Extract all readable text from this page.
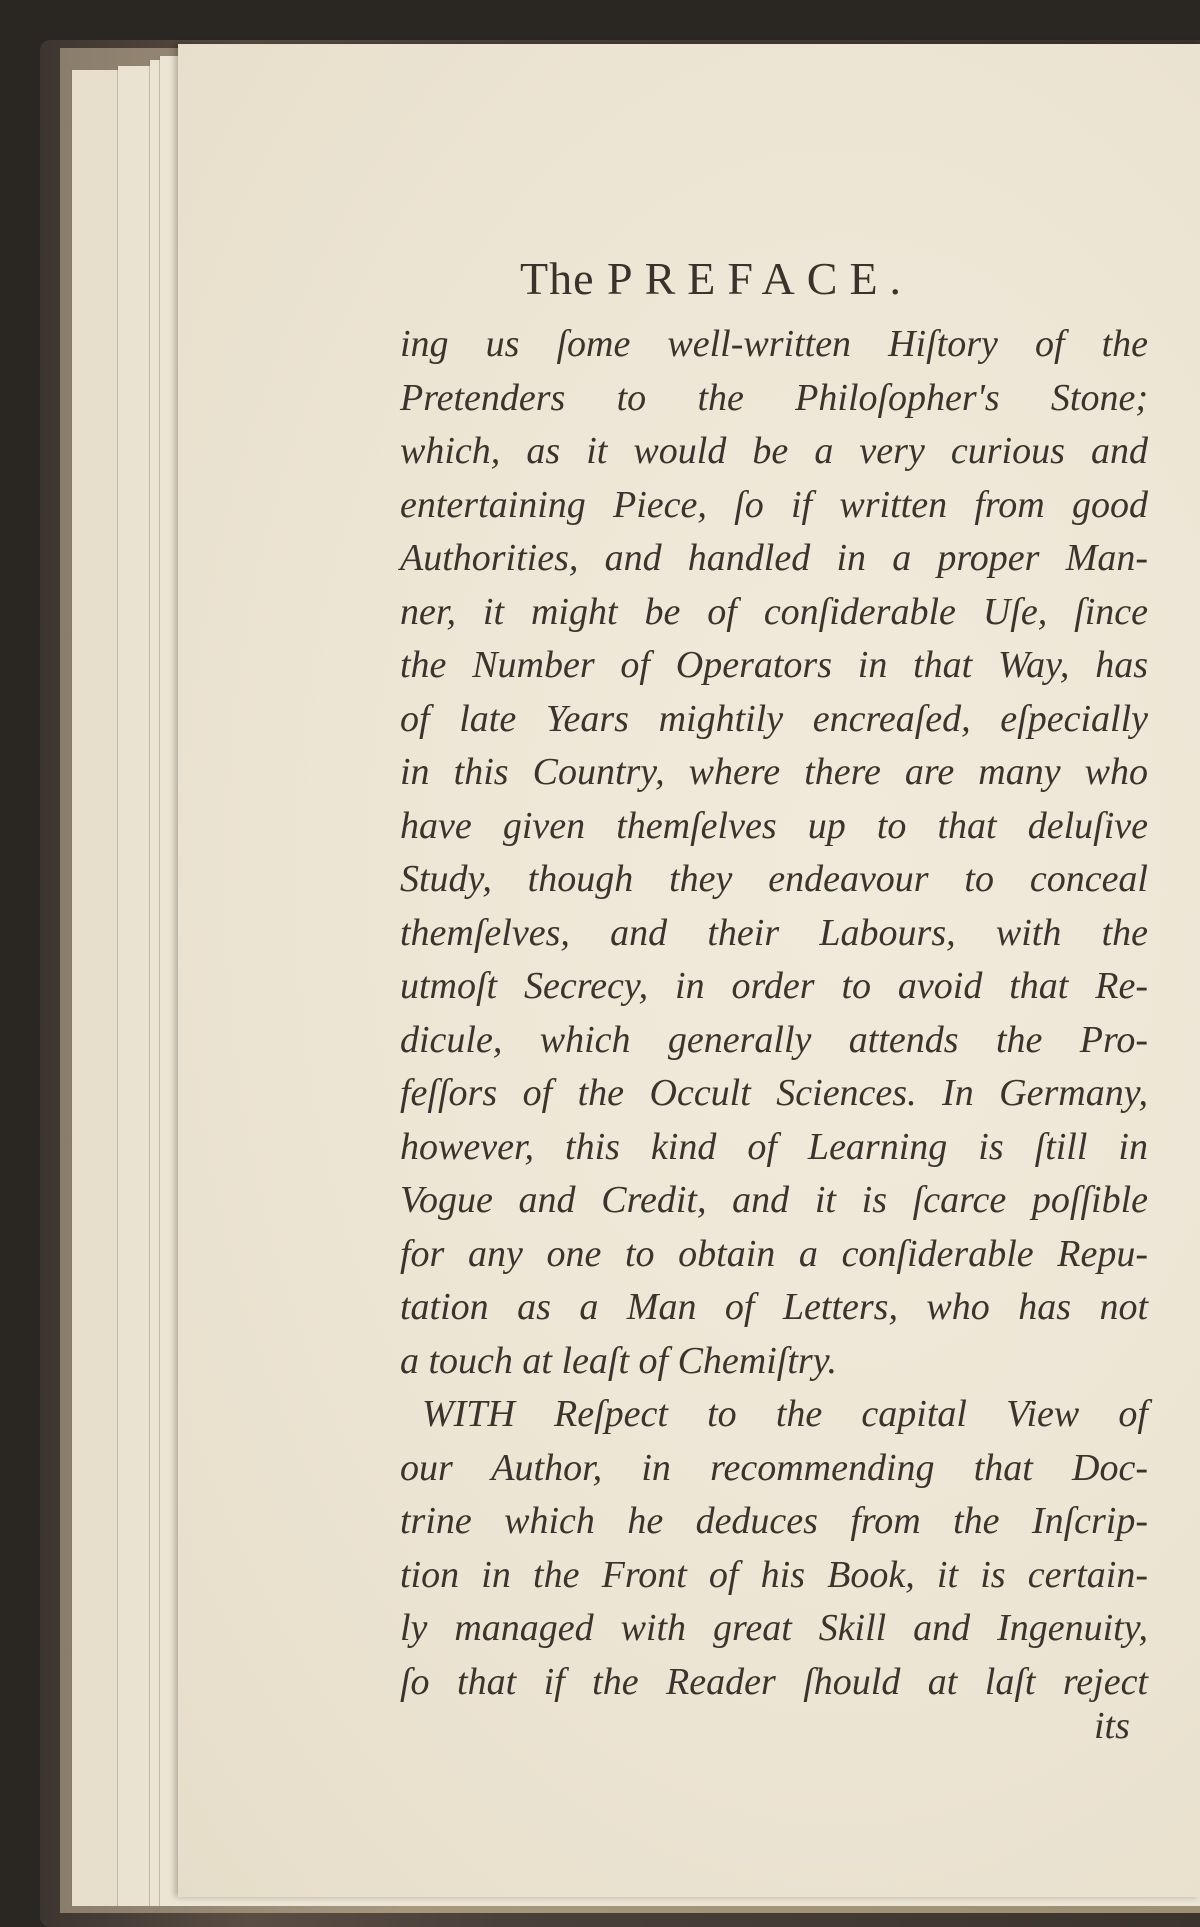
The PREFACE.
ing us ſome well-written Hiſtory of the
Pretenders to the Philoſopher's Stone;
which, as it would be a very curious and
entertaining Piece, ſo if written from good
Authorities, and handled in a proper Man-
ner, it might be of conſiderable Uſe, ſince
the Number of Operators in that Way, has
of late Years mightily encreaſed, eſpecially
in this Country, where there are many who
have given themſelves up to that deluſive
Study, though they endeavour to conceal
themſelves, and their Labours, with the
utmoſt Secrecy, in order to avoid that Re-
dicule, which generally attends the Pro-
feſſors of the Occult Sciences. In Germany,
however, this kind of Learning is ſtill in
Vogue and Credit, and it is ſcarce poſſible
for any one to obtain a conſiderable Repu-
tation as a Man of Letters, who has not
a touch at leaſt of Chemiſtry.
WITH Reſpect to the capital View of
our Author, in recommending that Doc-
trine which he deduces from the Inſcrip-
tion in the Front of his Book, it is certain-
ly managed with great Skill and Ingenuity,
ſo that if the Reader ſhould at laſt reject
its
